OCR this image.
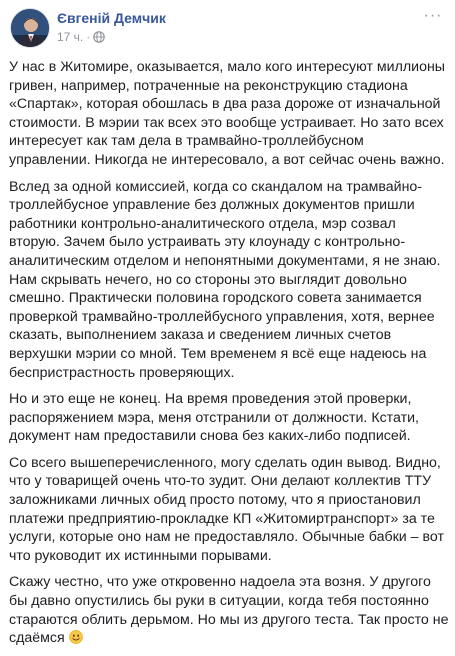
Євгеній Демчик
17 ч. ·
···

У нас в Житомире, оказывается, мало кого интересуют миллионы гривен, например, потраченные на реконструкцию стадиона «Спартак», которая обошлась в два раза дороже от изначальной стоимости. В мэрии так всех это вообще устраивает. Но зато всех интересует как там дела в трамвайно-троллейбусном управлении. Никогда не интересовало, а вот сейчас очень важно.

Вслед за одной комиссией, когда со скандалом на трамвайно-троллейбусное управление без должных документов пришли работники контрольно-аналитического отдела, мэр созвал вторую. Зачем было устраивать эту клоунаду с контрольно-аналитическим отделом и непонятными документами, я не знаю.

Нам скрывать нечего, но со стороны это выглядит довольно смешно. Практически половина городского совета занимается проверкой трамвайно-троллейбусного управления, хотя, вернее сказать, выполнением заказа и сведением личных счетов верхушки мэрии со мной. Тем временем я всё еще надеюсь на беспристрастность проверяющих.

Но и это еще не конец. На время проведения этой проверки, распоряжением мэра, меня отстранили от должности. Кстати, документ нам предоставили снова без каких-либо подписей.

Со всего вышеперечисленного, могу сделать один вывод. Видно, что у товарищей очень что-то зудит. Они делают коллектив ТТУ заложниками личных обид просто потому, что я приостановил платежи предприятию-прокладке КП «Житомиртранспорт» за те услуги, которые оно нам не предоставляло. Обычные бабки – вот что руководит их истинными порывами.

Скажу честно, что уже откровенно надоела эта возня. У другого бы давно опустились бы руки в ситуации, когда тебя постоянно стараются облить дерьмом. Но мы из другого теста. Так просто не сдаёмся
